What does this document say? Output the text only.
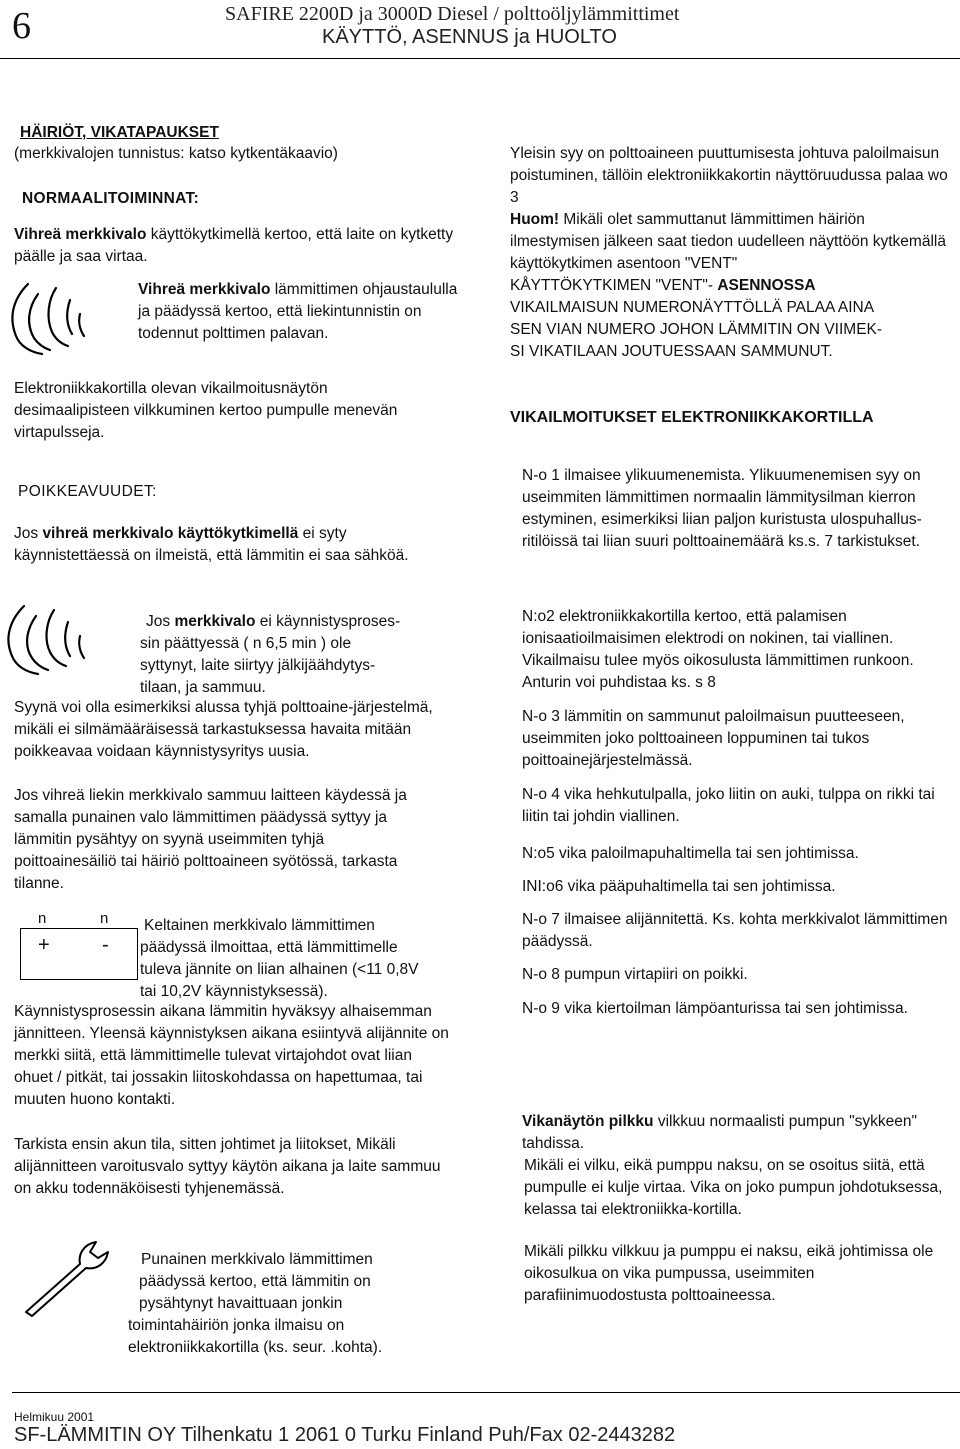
6	SAFIRE 2200D ja 3000D Diesel / polttoöljylämmittimet
KÄYTTÖ, ASENNUS ja HUOLTO
HÄIRIÖT, VIKATAPAUKSET
(merkkivalojen tunnistus: katso kytkentäkaavio)
NORMAALITOIMINNAT:
Vihreä merkkivalo käyttökytkimellä kertoo, että laite on kytketty päälle ja saa virtaa.
Vihreä merkkivalo lämmittimen ohjaustaululla ja päädyssä kertoo, että liekintunnistin on todennut polttimen palavan.
Elektroniikkakortilla olevan vikailmoitusnäytön desimaalipisteen vilkkuminen kertoo pumpulle menevän virtapulsseja.
POIKKEAVUUDET:
Jos vihreä merkkivalo käyttökytkimellä ei syty käynnistettäessä on ilmeistä, että lämmitin ei saa sähköä.

Jos merkkivalo ei käynnistysproses-

sin päättyessä ( n 6,5 min ) ole

syttynyt, laite siirtyy jälkijäähdytys-

tilaan, ja sammuu.

Syynä voi olla esimerkiksi alussa tyhjä polttoaine-järjestelmä, mikäli ei silmämääräisessä tarkastuksessa havaita mitään poikkeavaa voidaan käynnistysyritys uusia.
Jos vihreä liekin merkkivalo sammuu laitteen käydessä ja samalla punainen valo lämmittimen päädyssä syttyy ja lämmitin pysähtyy on syynä useimmiten tyhjä poittoainesäiliö tai häiriö polttoaineen syötössä, tarkasta tilanne.
n	n
+	-

Keltainen merkkivalo lämmittimen

päädyssä ilmoittaa, että lämmittimelle

tuleva jännite on liian alhainen (<11 0,8V

tai 10,2V käynnistyksessä).

Käynnistysprosessin aikana lämmitin hyväksyy alhaisemman jännitteen. Yleensä käynnistyksen aikana esiintyvä alijännite on merkki siitä, että lämmittimelle tulevat virtajohdot ovat liian ohuet / pitkät, tai jossakin liitoskohdassa on hapettumaa, tai muuten huono kontakti.
Tarkista ensin akun tila, sitten johtimet ja liitokset, Mikäli alijännitteen varoitusvalo syttyy käytön aikana ja laite sammuu on akku todennäköisesti tyhjenemässä.

Punainen merkkivalo lämmittimen

päädyssä kertoo, että lämmitin on

pysähtynyt havaittuaan jonkin

toimintahäiriön jonka ilmaisu on

elektroniikkakortilla (ks. seur. .kohta).

Yleisin syy on polttoaineen puuttumisesta johtuva paloilmaisun poistuminen, tällöin elektroniikkakortin näyttöruudussa palaa wo 3
Huom! Mikäli olet sammuttanut lämmittimen häiriön ilmestymisen jälkeen saat tiedon uudelleen näyttöön kytkemällä käyttökytkimen asentoon "VENT"

KÅYTTÖKYTKIMEN "VENT"- ASENNOSSA

VIKAILMAISUN NUMERONÄYTTÖLLÄ PALAA AINA

SEN VIAN NUMERO JOHON LÄMMITIN ON VIIMEK-

SI VIKATILAAN JOUTUESSAAN SAMMUNUT.

VIKAILMOITUKSET ELEKTRONIIKKAKORTILLA
N-o 1 ilmaisee ylikuumenemista. Ylikuumenemisen syy on useimmiten lämmittimen normaalin lämmitysilman kierron estyminen, esimerkiksi liian paljon kuristusta ulospuhallus-ritilöissä tai liian suuri polttoainemäärä ks.s. 7 tarkistukset.
N:o2 elektroniikkakortilla kertoo, että palamisen ionisaatioilmaisimen elektrodi on nokinen, tai viallinen. Vikailmaisu tulee myös oikosulusta lämmittimen runkoon. Anturin voi puhdistaa ks. s 8
N-o 3 lämmitin on sammunut paloilmaisun puutteeseen, useimmiten joko polttoaineen loppuminen tai tukos poittoainejärjestelmässä.
N-o 4 vika hehkutulpalla, joko liitin on auki, tulppa on rikki tai liitin tai johdin viallinen.
N:o5 vika paloilmapuhaltimella tai sen johtimissa.
INI:o6 vika pääpuhaltimella tai sen johtimissa.
N-o 7 ilmaisee alijännitettä. Ks. kohta merkkivalot lämmittimen päädyssä.
N-o 8 pumpun virtapiiri on poikki.
N-o 9 vika kiertoilman lämpöanturissa tai sen johtimissa.
Vikanäytön pilkku vilkkuu normaalisti pumpun "sykkeen" tahdissa.
Mikäli ei vilku, eikä pumppu naksu, on se osoitus siitä, että pumpulle ei kulje virtaa. Vika on joko pumpun johdotuksessa, kelassa tai elektroniikka-kortilla.
Mikäli pilkku vilkkuu ja pumppu ei naksu, eikä johtimissa ole oikosulkua on vika pumpussa, useimmiten parafiinimuodostusta polttoaineessa.
Helmikuu 2001
SF-LÄMMITIN OY Tilhenkatu 1 2061 0 Turku Finland Puh/Fax 02-2443282
